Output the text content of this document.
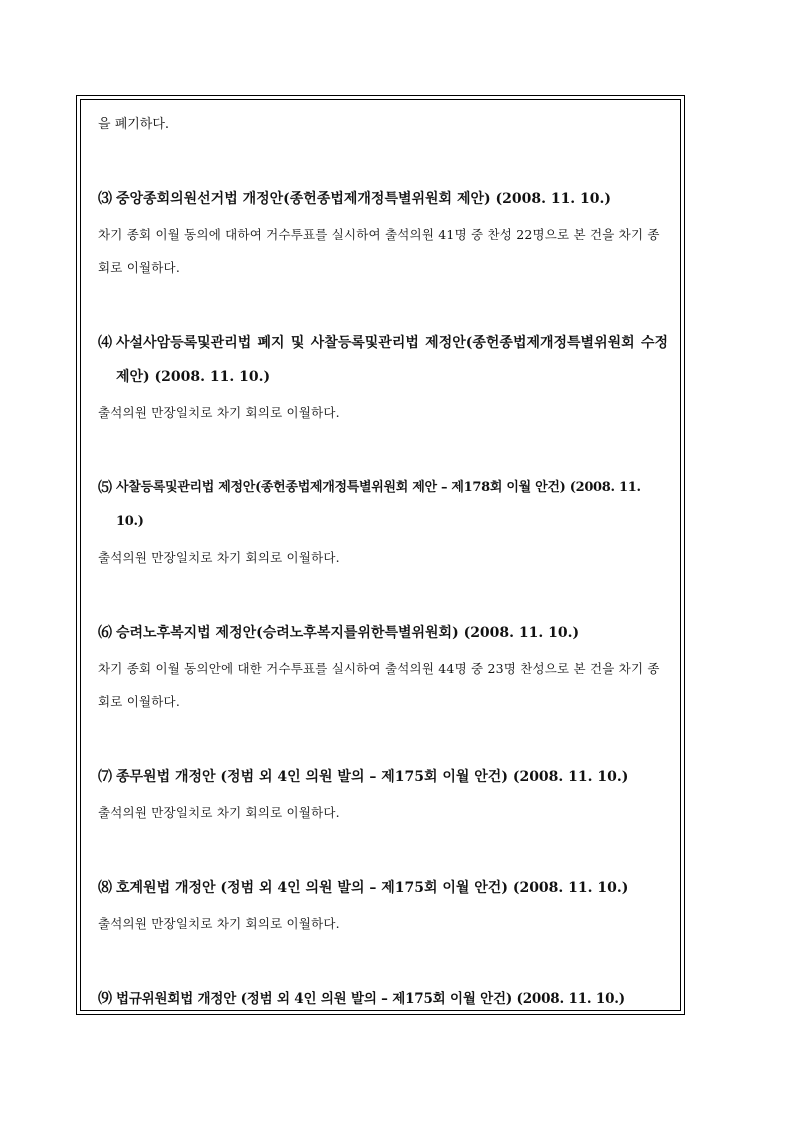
을 폐기하다.

⑶ 중앙종회의원선거법 개정안(종헌종법제개정특별위원회 제안) (2008. 11. 10.)

차기 종회 이월 동의에 대하여 거수투표를 실시하여 출석의원 41명 중 찬성 22명으로 본 건을 차기 종회로 이월하다.

⑷ 사설사암등록및관리법 폐지 및 사찰등록및관리법 제정안(종헌종법제개정특별위원회 수정 제안) (2008. 11. 10.)

출석의원 만장일치로 차기 회의로 이월하다.

⑸ 사찰등록및관리법 제정안(종헌종법제개정특별위원회 제안 – 제178회 이월 안건) (2008. 11. 10.)

출석의원 만장일치로 차기 회의로 이월하다.

⑹ 승려노후복지법 제정안(승려노후복지를위한특별위원회) (2008. 11. 10.)

차기 종회 이월 동의안에 대한 거수투표를 실시하여 출석의원 44명 중 23명 찬성으로 본 건을 차기 종회로 이월하다.

⑺ 종무원법 개정안 (정범 외 4인 의원 발의 – 제175회 이월 안건) (2008. 11. 10.)

출석의원 만장일치로 차기 회의로 이월하다.

⑻ 호계원법 개정안 (정범 외 4인 의원 발의 – 제175회 이월 안건) (2008. 11. 10.)

출석의원 만장일치로 차기 회의로 이월하다.

⑼ 법규위원회법 개정안 (정범 외 4인 의원 발의 – 제175회 이월 안건) (2008. 11. 10.)
